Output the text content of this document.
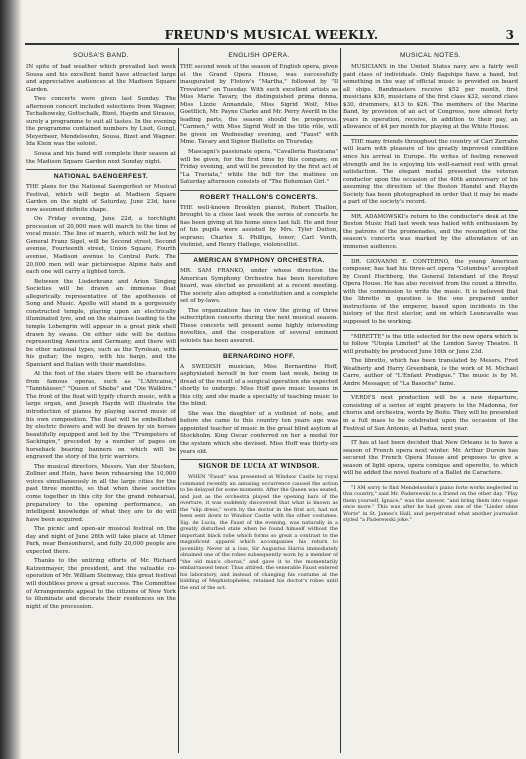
FREUND'S MUSICAL WEEKLY.	3
SOUSA'S BAND.

IN spite of bad weather which prevailed last week Sousa and his excellent band have attracted large and appreciative audiences at the Madison Square Garden.

Two concerts were given last Sunday. The afternoon concert included selections from Wagner, Tschaikowsky, Gottschalk, Bizet, Haydn and Strauss, surely a programme to suit all tastes. In the evening the programme contained numbers by Liszt, Gungl, Meyerbeer, Mendelssohn, Sousa, Bizet and Wagner. Ida Klein was the soloist.

Sousa and his band will complete their season at the Madison Square Garden next Sunday night.

NATIONAL SAENGERFEST.

THE plans for the National Saengerfest or Musical Festival, which will begin at Madison Square Garden on the night of Saturday, June 23d, have now assumed definite shape.

On Friday evening, June 22d, a torchlight procession of 20,000 men will march to the time of vocal music. The line of march, which will be led by General Franz Sigel, will be Second street, Second avenue, Fourteenth street, Union Square, Fourth avenue, Madison avenue to Central Park. The 20,000 men will war picturesque Alpine hats and each one will carry a lighted torch.

Between the Liederkranz and Arion Singing Societies will be drawn an immense float allegorically representative of the apotheosis of Song and Music. Apollo will stand in a gorgeously constructed temple, playing upon an electrically illuminated lyre, and on the staircase leading to the temple Lohengrin will appear in a great pink shell drawn by swans. On either side will be deities representing America and Germany, and there will be other national types, such as the Tyrolean, with his guitar; the negro, with his banjo, and the Spaniard and Italian with their mandolins.

At the foot of the stairs there will be characters from famous operas, such as "L'Africaine," "Tannhäuser," "Queen of Sheba" and "Die Walküre." The front of the float will typify church music, with a large organ, and Joseph Haydn will illustrate the introduction of pianos by playing sacred music of his own composition. The float will be embellished by electric flowers and will be drawn by six horses beautifully equipped and led by the "Trumpeters of Sackingen," preceded by a number of pages on horseback bearing banners on which will be engraved the story of the lyric warriors.

The musical directors, Messrs. Van der Stucken, Zollner and Hein, have been rehearsing the 10,000 voices simultaneously in all the large cities for the past three months, so that when these societies come together in this city for the grand rehearsal, preparatory to the opening performance, an intelligent knowledge of what they are to do will have been acquired.

The picnic and open-air musical festival on the day and night of June 26th will take place at Ulmer Park, near Bensonhurst, and fully 20,000 people are expected there.

Thanks to the untiring efforts of Mr. Richard Katzenmayer, the president, and the valuable co-operation of Mr. William Steinway, this great festival will doubtless prove a great success. The Committee of Arrangements appeal to the citizens of New York to illuminate and decorate their residences on the night of the procession.

ENGLISH OPERA.

THE second week of the season of English opera, given at the Grand Opera House, was successfully inaugurated by Flotow's "Martha," followed by "Il Trovatore" on Tuesday. With such excellent artists as Miss Marie Tavary, the distinguished prima donna, Miss Lizzie Annandale, Miss Sigrid Wolf, Miss Goettlich, Mr. Payne Clarke and Mr. Perry Averill in the leading parts, the season should be prosperous. "Carmen," with Miss Sigrid Wolf in the title rôle, will be given on Wednesday evening, and "Faust" with Mme. Tavary and Signor Bielletto on Thursday.

Mascagni's passionate opera, "Cavalleria Rusticana" will be given, for the first time by this company, on Friday evening, and will be preceded by the first act of "La Traviata," while the bill for the matinee on Saturday afternoon consists of "The Bohemian Girl."

ROBERT THALLON'S CONCERTS.

THE well-known Brooklyn pianist, Robert Thallon, brought to a close last week the series of concerts he has been giving at his home since last fall. He and four of his pupils were assisted by Mrs. Tyler Dutton, soprano; Charles S. Phillips, tenor; Carl Venth, violinist, and Henry Hallego, violoncellist.

AMERICAN SYMPHONY ORCHESTRA.

MR. SAM FRANKO, under whose direction the American Symphony Orchestra has been heretofore heard, was elected as president at a recent meeting. The society also adopted a constitution and a complete set of by-laws.

The organization has in view the giving of three subscription concerts during the next musical season. These concerts will present some highly interesting novelties, and the cooperation of several eminent soloists has been assured.

BERNARDINO HOFF.

A SWEDISH musician, Miss Bernardino Hoff, asphyxiated herself in her room last week, being in dread of the result of a surgical operation she expected shortly to undergo. Miss Hoff gave music lessons in this city, and she made a specialty of teaching music to the blind.

She was the daughter of a violinist of note, and before she came to this country ten years ago was appointed teacher of music in the great blind asylum at Stockholm. King Oscar conferred on her a medal for the system which she devised. Miss Hoff was thirty-six years old.

SIGNOR DE LUCIA AT WINDSOR.

WHEN "Faust" was presented at Windsor Castle by royal command recently an amusing occurrence caused the action to be delayed for some moments. After the Queen was seated, and just as the orchestra played the opening bars of the overture, it was suddenly discovered that what is known as the "slip dress," worn by the doctor in the first act, had not been sent down to Windsor Castle with the other costumes. Sig. de Lucia, the Faust of the evening, was naturally in a greatly disturbed state when he found himself without the important black robe which forms so great a contrast to the magnificent apparel which accompanies his return to juvenility. Never at a loss, Sir Augustus Harris immediately obtained one of the robes subsequently worn by a member of "the old man's chorus," and gave it to the momentarily embarrassed tenor. Thus attired, the venerable Faust entered his laboratory, and instead of changing his costume at the bidding of Mephistopheles, retained his doctor's robes until the end of the act.

MUSICAL NOTES.

MUSICIANS in the United States navy are a fairly well paid class of individuals. Only flagships have a band, but something in the way of official music is provided on board all ships. Bandmasters receive $52 per month, first musicians $36, musicians of the first class $32, second class $30, drummers, $13 to $26. The members of the Marine Band, by provision of an act of Congress, now almost forty years in operation, receive, in addition to their pay, an allowance of $4 per month for playing at the White House.

THE many friends throughout the country of Carl Zerrahn will learn with pleasure of his greatly improved condition since his arrival in Europe. He writes of feeling renewed strength and he is enjoying his well-earned rest with great satisfaction. The elegant medal presented the veteran conductor upon the occasion of the 40th anniversary of his assuming the direction of the Boston Handel and Haydn Society has been photographed in order that it may be made a part of the society's record.

MR. ADAMOWSKI's return to the conductor's desk at the Boston Music Hall last week was hailed with enthusiasm by the patrons of the promenades, and the resumption of the season's concerts was marked by the attendance of an immense audience.

DR. GIOVANNI E. CONTERNO, the young American composer, has had his three-act opera "Columbus" accepted by Count Hochberg, the General Intendant of the Royal Opera House. He has also received from the count a libretto, with the commission to write the music. It is believed that the libretto in question is the one prepared under instructions of the emperor, based upon incidents in the history of the first elector, and on which Leoncavallo was supposed to be working.

"MIRETTE" is the title selected for the new opera which is to follow "Utopia Limited" at the London Savoy Theatre. It will probably be produced June 16th or June 23d.

The libretto, which has been translated by Messrs. Fred Weatherly and Harry Greenbank, is the work of M. Michael Carre, author of "L'Enfant Prodigue." The music is by M. Andre Messager, of "La Basoche" fame.

VERDI'S next production will be a new departure, consisting of a series of eight prayers to the Madonna, for chorus and orchestra, words by Boito. They will be presented in a full mass to be celebrated upon the occasion of the Festival of San Antonio, at Padua, next year.

IT has at last been decided that New Orleans is to have a season of French opera next winter. Mr. Arthur Durein has secured the French Opera House and proposes to give a season of light opera, opera comique and operette, to which will be added the novel feature of a Ballet de Caractere.

"I AM sorry to find Mendelssohn's piano forte works neglected in this country," said Mr. Paderewski to a friend on the other day. "Play them yourself, Ignace," was the answer, "and bring them into vogue once more." This was after he had given one of the "Lieder ohne Worte" in St. James's Hall, and perpetrated what another journalist styled "a Paderewski joke."
